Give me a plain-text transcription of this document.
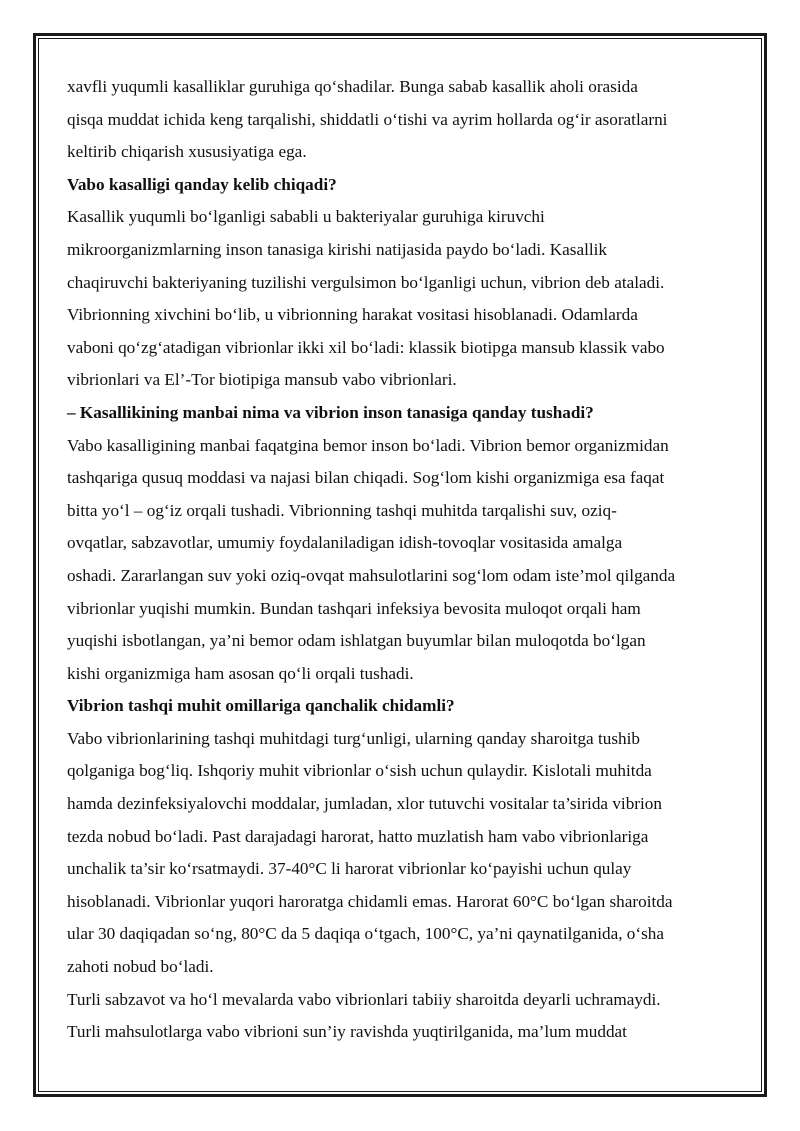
xavfli yuqumli kasalliklar guruhiga qo‘shadilar. Bunga sabab kasallik aholi orasida
qisqa muddat ichida keng tarqalishi, shiddatli o‘tishi va ayrim hollarda og‘ir asoratlarni
keltirib chiqarish xususiyatiga ega.
Vabo kasalligi qanday kelib chiqadi?
Kasallik yuqumli bo‘lganligi sababli u bakteriyalar guruhiga kiruvchi
mikroorganizmlarning inson tanasiga kirishi natijasida paydo bo‘ladi. Kasallik
chaqiruvchi bakteriyaning tuzilishi vergulsimon bo‘lganligi uchun, vibrion deb ataladi.
Vibrionning xivchini bo‘lib, u vibrionning harakat vositasi hisoblanadi. Odamlarda
vaboni qo‘zg‘atadigan vibrionlar ikki xil bo‘ladi: klassik biotipga mansub klassik vabo
vibrionlari va El’-Tor biotipiga mansub vabo vibrionlari.
– Kasallikining manbai nima va vibrion inson tanasiga qanday tushadi?
Vabo kasalligining manbai faqatgina bemor inson bo‘ladi. Vibrion bemor organizmidan
tashqariga qusuq moddasi va najasi bilan chiqadi. Sog‘lom kishi organizmiga esa faqat
bitta yo‘l – og‘iz orqali tushadi. Vibrionning tashqi muhitda tarqalishi suv, oziq-
ovqatlar, sabzavotlar, umumiy foydalaniladigan idish-tovoqlar vositasida amalga
oshadi. Zararlangan suv yoki oziq-ovqat mahsulotlarini sog‘lom odam iste’mol qilganda
vibrionlar yuqishi mumkin. Bundan tashqari infeksiya bevosita muloqot orqali ham
yuqishi isbotlangan, ya’ni bemor odam ishlatgan buyumlar bilan muloqotda bo‘lgan
kishi organizmiga ham asosan qo‘li orqali tushadi.
Vibrion tashqi muhit omillariga qanchalik chidamli?
Vabo vibrionlarining tashqi muhitdagi turg‘unligi, ularning qanday sharoitga tushib
qolganiga bog‘liq. Ishqoriy muhit vibrionlar o‘sish uchun qulaydir. Kislotali muhitda
hamda dezinfeksiyalovchi moddalar, jumladan, xlor tutuvchi vositalar ta’sirida vibrion
tezda nobud bo‘ladi. Past darajadagi harorat, hatto muzlatish ham vabo vibrionlariga
unchalik ta’sir ko‘rsatmaydi. 37-40°C li harorat vibrionlar ko‘payishi uchun qulay
hisoblanadi. Vibrionlar yuqori haroratga chidamli emas. Harorat 60°C bo‘lgan sharoitda
ular 30 daqiqadan so‘ng, 80°C da 5 daqiqa o‘tgach, 100°C, ya’ni qaynatilganida, o‘sha
zahoti nobud bo‘ladi.
Turli sabzavot va ho‘l mevalarda vabo vibrionlari tabiiy sharoitda deyarli uchramaydi.
Turli mahsulotlarga vabo vibrioni sun’iy ravishda yuqtirilganida, ma’lum muddat
